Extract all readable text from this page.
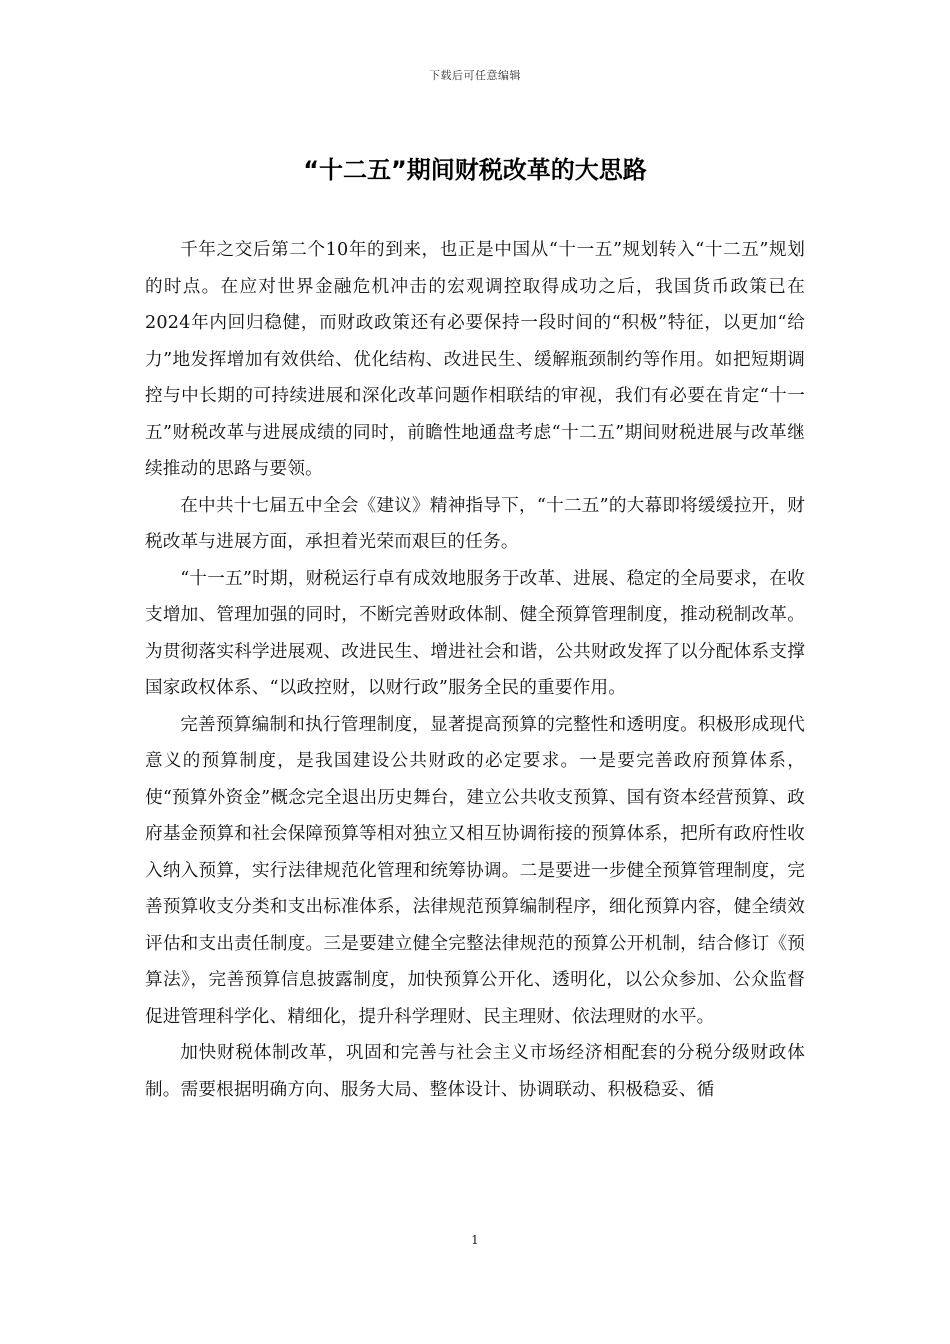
下载后可任意编辑
“十二五”期间财税改革的大思路

千年之交后第二个10年的到来，也正是中国从“十一五”规划转入“十二五”规划的时点。在应对世界金融危机冲击的宏观调控取得成功之后，我国货币政策已在2024年内回归稳健，而财政政策还有必要保持一段时间的“积极”特征，以更加“给力”地发挥增加有效供给、优化结构、改进民生、缓解瓶颈制约等作用。如把短期调控与中长期的可持续进展和深化改革问题作相联结的审视，我们有必要在肯定“十一五”财税改革与进展成绩的同时，前瞻性地通盘考虑“十二五”期间财税进展与改革继续推动的思路与要领。

在中共十七届五中全会《建议》精神指导下，“十二五”的大幕即将缓缓拉开，财税改革与进展方面，承担着光荣而艰巨的任务。

“十一五”时期，财税运行卓有成效地服务于改革、进展、稳定的全局要求，在收支增加、管理加强的同时，不断完善财政体制、健全预算管理制度，推动税制改革。为贯彻落实科学进展观、改进民生、增进社会和谐，公共财政发挥了以分配体系支撑国家政权体系、“以政控财，以财行政”服务全民的重要作用。

完善预算编制和执行管理制度，显著提高预算的完整性和透明度。积极形成现代意义的预算制度，是我国建设公共财政的必定要求。一是要完善政府预算体系，使“预算外资金”概念完全退出历史舞台，建立公共收支预算、国有资本经营预算、政府基金预算和社会保障预算等相对独立又相互协调衔接的预算体系，把所有政府性收入纳入预算，实行法律规范化管理和统筹协调。二是要进一步健全预算管理制度，完善预算收支分类和支出标准体系，法律规范预算编制程序，细化预算内容，健全绩效评估和支出责任制度。三是要建立健全完整法律规范的预算公开机制，结合修订《预算法》，完善预算信息披露制度，加快预算公开化、透明化，以公众参加、公众监督促进管理科学化、精细化，提升科学理财、民主理财、依法理财的水平。

加快财税体制改革，巩固和完善与社会主义市场经济相配套的分税分级财政体制。需要根据明确方向、服务大局、整体设计、协调联动、积极稳妥、循

1
